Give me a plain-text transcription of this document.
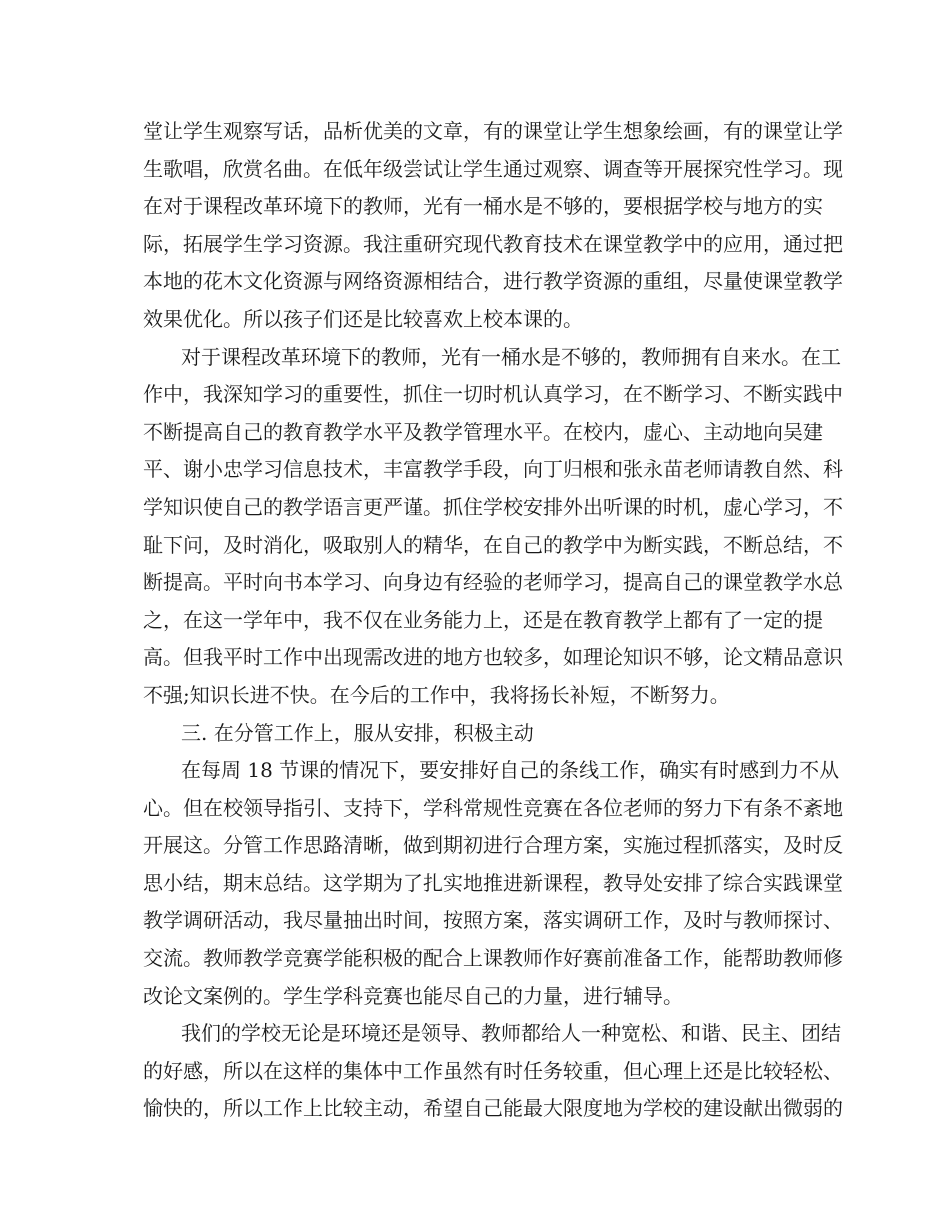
堂让学生观察写话，品析优美的文章，有的课堂让学生想象绘画，有的课堂让学
生歌唱，欣赏名曲。在低年级尝试让学生通过观察、调查等开展探究性学习。现
在对于课程改革环境下的教师，光有一桶水是不够的，要根据学校与地方的实
际，拓展学生学习资源。我注重研究现代教育技术在课堂教学中的应用，通过把
本地的花木文化资源与网络资源相结合，进行教学资源的重组，尽量使课堂教学
效果优化。所以孩子们还是比较喜欢上校本课的。
对于课程改革环境下的教师，光有一桶水是不够的，教师拥有自来水。在工
作中，我深知学习的重要性，抓住一切时机认真学习，在不断学习、不断实践中
不断提高自己的教育教学水平及教学管理水平。在校内，虚心、主动地向吴建
平、谢小忠学习信息技术，丰富教学手段，向丁归根和张永苗老师请教自然、科
学知识使自己的教学语言更严谨。抓住学校安排外出听课的时机，虚心学习，不
耻下问，及时消化，吸取别人的精华，在自己的教学中为断实践，不断总结，不
断提高。平时向书本学习、向身边有经验的老师学习，提高自己的课堂教学水总
之，在这一学年中，我不仅在业务能力上，还是在教育教学上都有了一定的提
高。但我平时工作中出现需改进的地方也较多，如理论知识不够，论文精品意识
不强;知识长进不快。在今后的工作中，我将扬长补短，不断努力。
三. 在分管工作上，服从安排，积极主动
在每周 18 节课的情况下，要安排好自己的条线工作，确实有时感到力不从
心。但在校领导指引、支持下，学科常规性竞赛在各位老师的努力下有条不紊地
开展这。分管工作思路清晰，做到期初进行合理方案，实施过程抓落实，及时反
思小结，期末总结。这学期为了扎实地推进新课程，教导处安排了综合实践课堂
教学调研活动，我尽量抽出时间，按照方案，落实调研工作，及时与教师探讨、
交流。教师教学竞赛学能积极的配合上课教师作好赛前准备工作，能帮助教师修
改论文案例的。学生学科竞赛也能尽自己的力量，进行辅导。
我们的学校无论是环境还是领导、教师都给人一种宽松、和谐、民主、团结
的好感，所以在这样的集体中工作虽然有时任务较重，但心理上还是比较轻松、
愉快的，所以工作上比较主动，希望自己能最大限度地为学校的建设献出微弱的
